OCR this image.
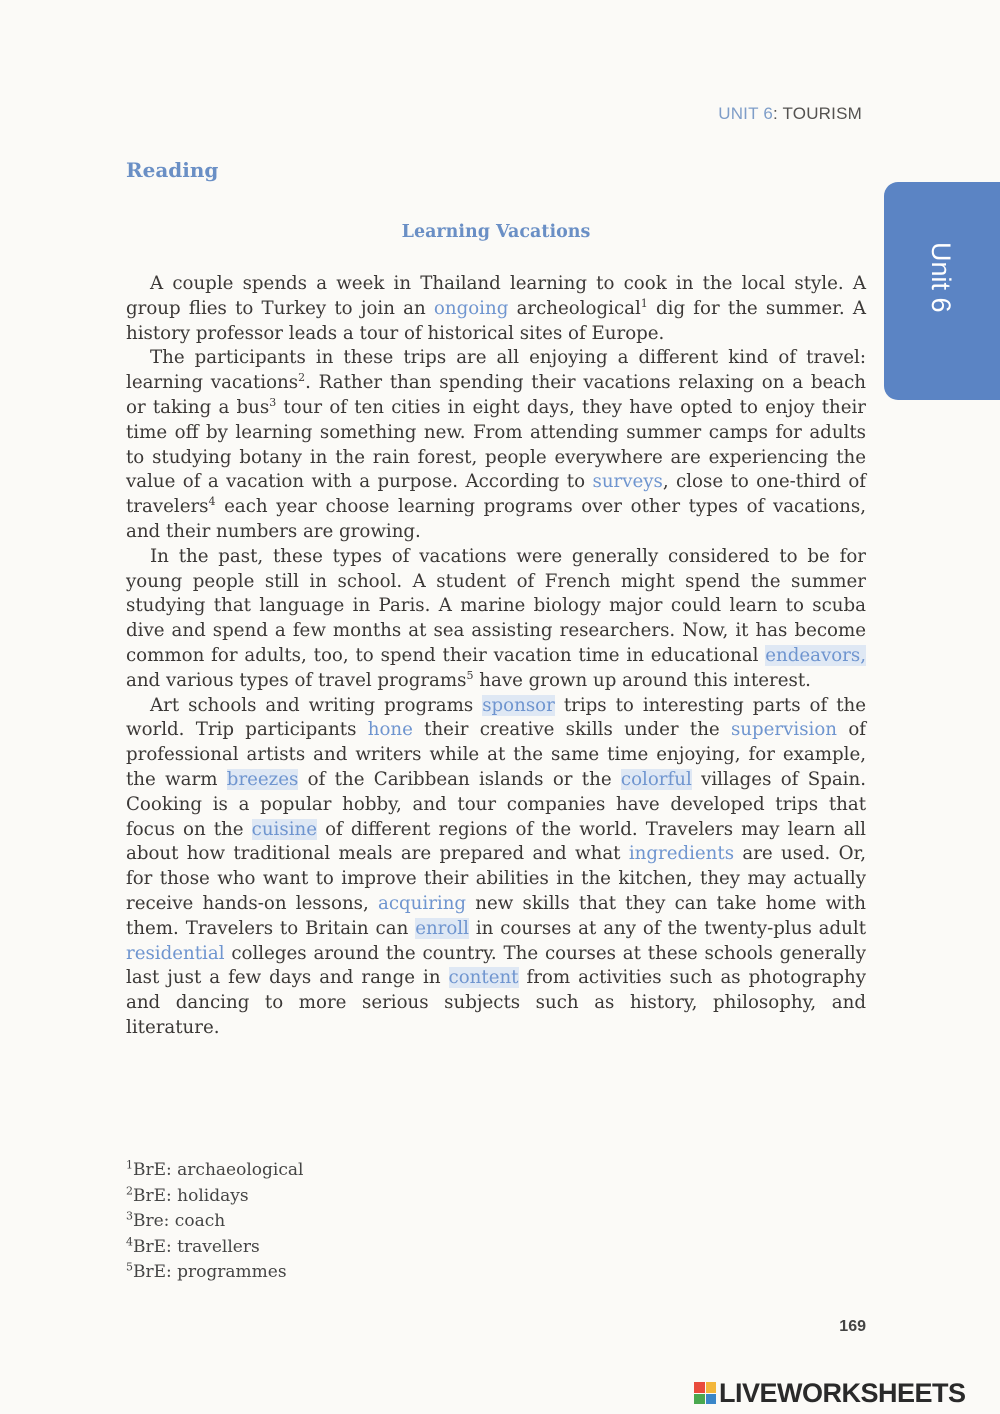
UNIT 6: TOURISM
Reading
Unit 6
Learning Vacations

A couple spends a week in Thailand learning to cook in the local style. A group flies to Turkey to join an ongoing archeological$^1$ dig for the summer. A history professor leads a tour of historical sites of Europe.

The participants in these trips are all enjoying a different kind of travel: learning vacations$^2$. Rather than spending their vacations relaxing on a beach or taking a bus$^3$ tour of ten cities in eight days, they have opted to enjoy their time off by learning something new. From attending summer camps for adults to studying botany in the rain forest, people everywhere are experiencing the value of a vacation with a purpose. According to surveys, close to one-third of travelers$^4$ each year choose learning programs over other types of vacations, and their numbers are growing.

In the past, these types of vacations were generally considered to be for young people still in school. A student of French might spend the summer studying that language in Paris. A marine biology major could learn to scuba dive and spend a few months at sea assisting researchers. Now, it has become common for adults, too, to spend their vacation time in educational endeavors, and various types of travel programs$^5$ have grown up around this interest.

Art schools and writing programs sponsor trips to interesting parts of the world. Trip participants hone their creative skills under the supervision of professional artists and writers while at the same time enjoying, for example, the warm breezes of the Caribbean islands or the colorful villages of Spain. Cooking is a popular hobby, and tour companies have developed trips that focus on the cuisine of different regions of the world. Travelers may learn all about how traditional meals are prepared and what ingredients are used. Or, for those who want to improve their abilities in the kitchen, they may actually receive hands-on lessons, acquiring new skills that they can take home with them. Travelers to Britain can enroll in courses at any of the twenty-plus adult residential colleges around the country. The courses at these schools generally last just a few days and range in content from activities such as photography and dancing to more serious subjects such as history, philosophy, and literature.

$^1$BrE: archaeological
$^2$BrE: holidays
$^3$Bre: coach
$^4$BrE: travellers
$^5$BrE: programmes
169
LIVEWORKSHEETS
